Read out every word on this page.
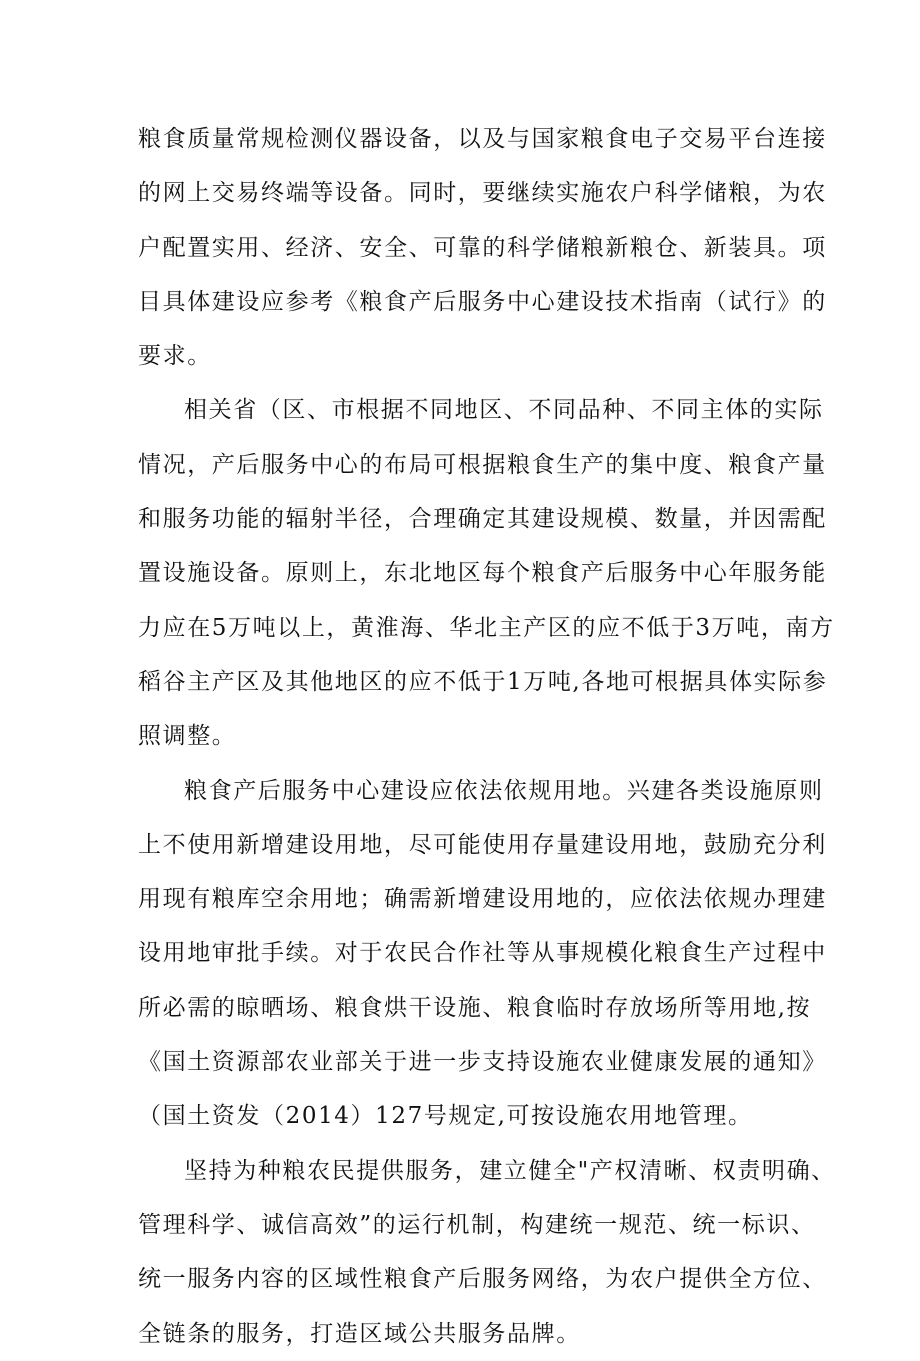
粮食质量常规检测仪器设备，以及与国家粮食电子交易平台连接
的网上交易终端等设备。同时，要继续实施农户科学储粮，为农
户配置实用、经济、安全、可靠的科学储粮新粮仓、新装具。项
目具体建设应参考《粮食产后服务中心建设技术指南（试行》的
要求。
相关省（区、市根据不同地区、不同品种、不同主体的实际
情况，产后服务中心的布局可根据粮食生产的集中度、粮食产量
和服务功能的辐射半径，合理确定其建设规模、数量，并因需配
置设施设备。原则上，东北地区每个粮食产后服务中心年服务能
力应在5万吨以上，黄淮海、华北主产区的应不低于3万吨，南方
稻谷主产区及其他地区的应不低于1万吨,各地可根据具体实际参
照调整。
粮食产后服务中心建设应依法依规用地。兴建各类设施原则
上不使用新增建设用地，尽可能使用存量建设用地，鼓励充分利
用现有粮库空余用地；确需新增建设用地的，应依法依规办理建
设用地审批手续。对于农民合作社等从事规模化粮食生产过程中
所必需的晾晒场、粮食烘干设施、粮食临时存放场所等用地,按
《国土资源部农业部关于进一步支持设施农业健康发展的通知》
（国土资发（2014）127号规定,可按设施农用地管理。
坚持为种粮农民提供服务，建立健全"产权清晰、权责明确、
管理科学、诚信高效”的运行机制，构建统一规范、统一标识、
统一服务内容的区域性粮食产后服务网络，为农户提供全方位、
全链条的服务，打造区域公共服务品牌。
